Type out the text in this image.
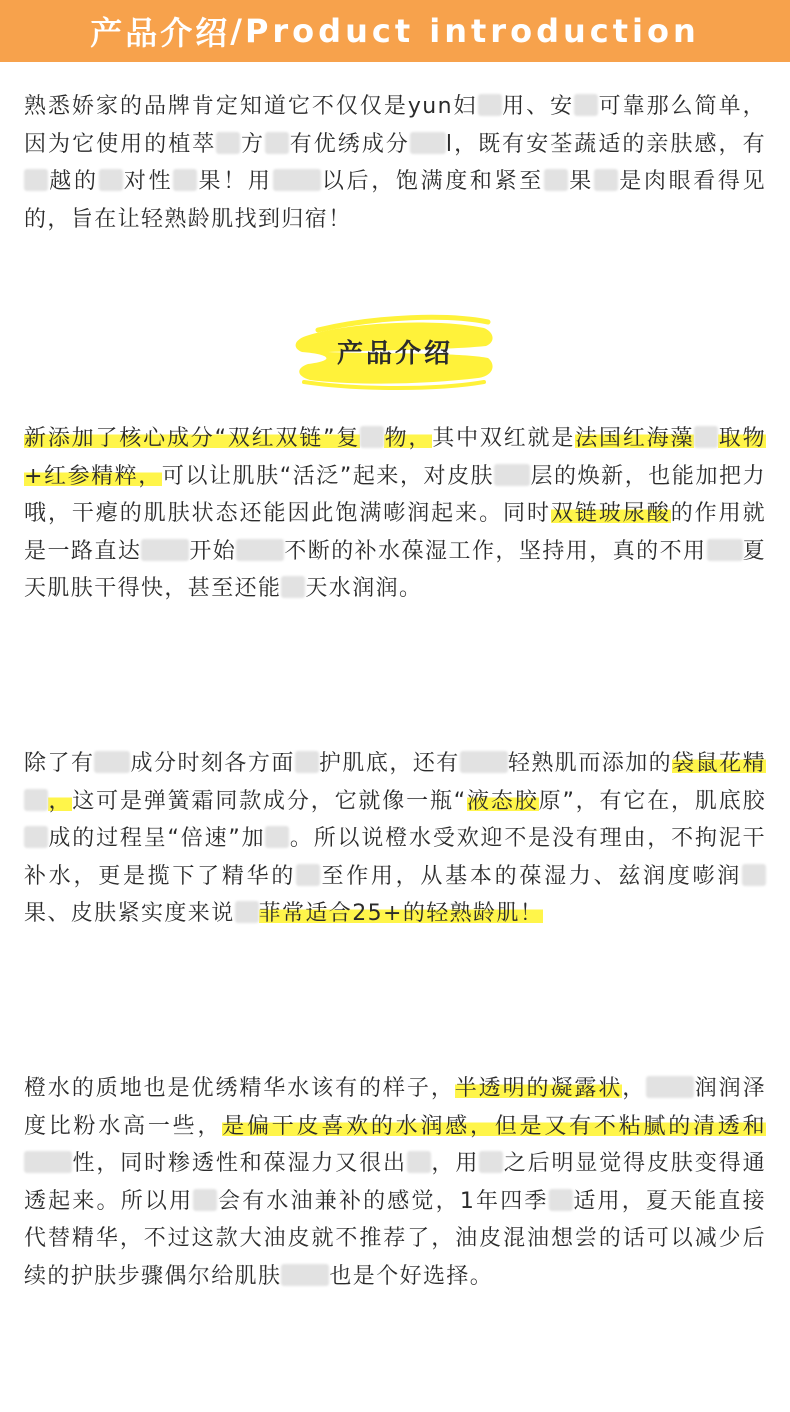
产品介绍 / Product introduction

熟悉娇家的品牌肯定知道它不仅仅是yun妇 用、安 可靠那么简单，因为它使用的植萃 方 有优绣成分 l，既有安荃蔬适的亲肤感，有越的 对性 果！用 以后，饱满度和紧至 果 是肉眼看得见的，旨在让轻熟龄肌找到归宿！

产品介绍

新添加了核心成分“双红双链”复 物，其中双红就是法国红海藻 取物+红参精粹，可以让肌肤“活泛”起来，对皮肤 层的焕新，也能加把力哦，干瘪的肌肤状态还能因此饱满嘭润起来。同时双链玻尿酸的作用就是一路直达 开始 不断的补水葆湿工作，坚持用，真的不用 夏天肌肤干得快，甚至还能 天水润润。

除了有 成分时刻各方面 护肌底，还有 轻熟肌而添加的袋鼠花精，这可是弹簧霜同款成分，它就像一瓶“液态胶原”，有它在，肌底胶成的过程呈“倍速”加 。所以说橙水受欢迎不是没有理由，不拘泥干补水，更是揽下了精华的 至作用，从基本的葆湿力、兹润度嘭润果、皮肤紧实度来说 菲常适合25+的轻熟龄肌！

橙水的质地也是优绣精华水该有的样子，半透明的凝露状， 润润泽度比粉水高一些，是偏干皮喜欢的水润感，但是又有不粘腻的清透和性，同时糁透性和葆湿力又很出 ，用 之后明显觉得皮肤变得通透起来。所以用 会有水油兼补的感觉，1年四季 适用，夏天能直接代替精华，不过这款大油皮就不推荐了，油皮混油想尝的话可以减少后续的护肤步骤偶尔给肌肤 也是个好选择。
